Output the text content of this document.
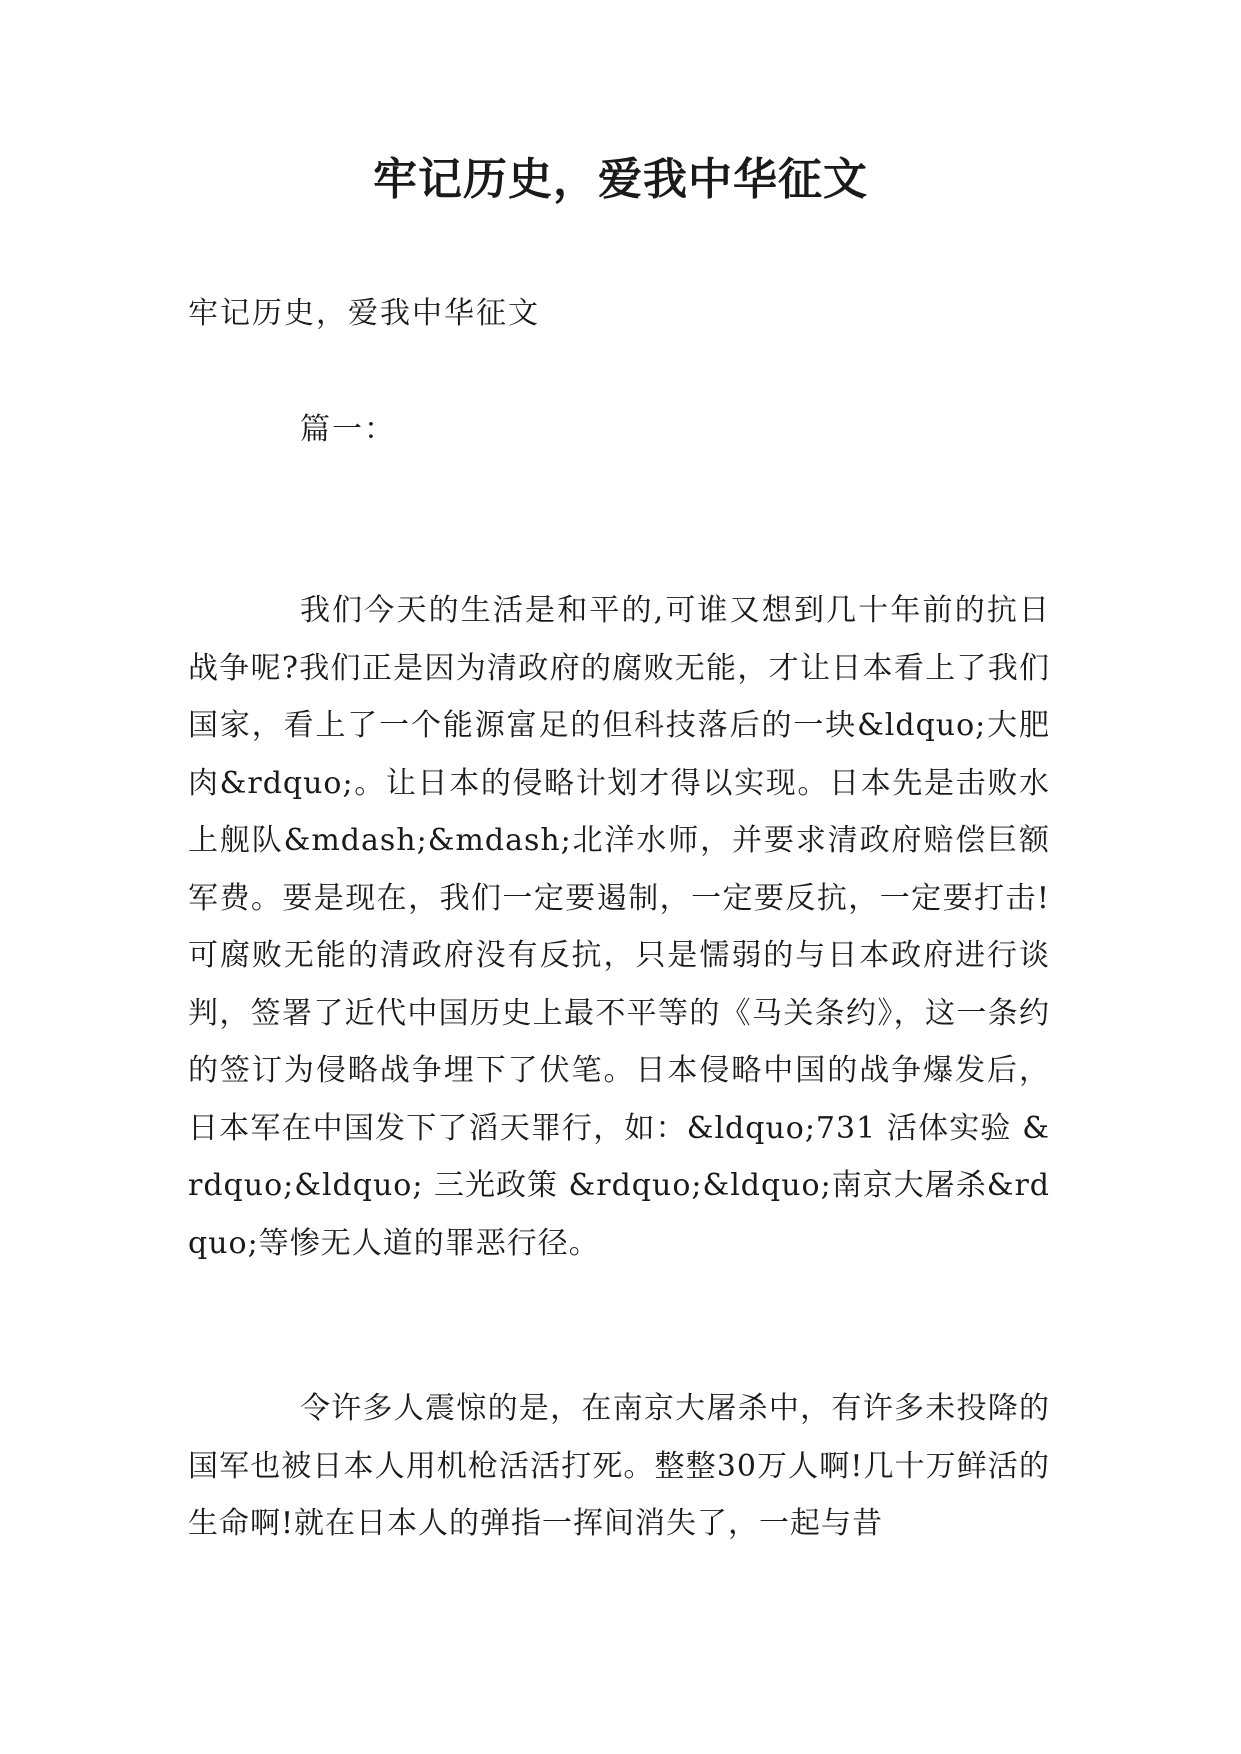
牢记历史，爱我中华征文
牢记历史，爱我中华征文
篇一：

我们今天的生活是和平的,可谁又想到几十年前的抗日战争呢?我们正是因为清政府的腐败无能，才让日本看上了我们国家，看上了一个能源富足的但科技落后的一块&ldquo;大肥肉&rdquo;。让日本的侵略计划才得以实现。日本先是击败水上舰队&mdash;&mdash;北洋水师，并要求清政府赔偿巨额军费。要是现在，我们一定要遏制，一定要反抗，一定要打击!可腐败无能的清政府没有反抗，只是懦弱的与日本政府进行谈判，签署了近代中国历史上最不平等的《马关条约》，这一条约的签订为侵略战争埋下了伏笔。日本侵略中国的战争爆发后，日本军在中国发下了滔天罪行，如：&ldquo;731 活体实验 &rdquo;&ldquo; 三光政策 &rdquo;&ldquo;南京大屠杀&rdquo;等惨无人道的罪恶行径。

令许多人震惊的是，在南京大屠杀中，有许多未投降的国军也被日本人用机枪活活打死。整整30万人啊!几十万鲜活的生命啊!就在日本人的弹指一挥间消失了，一起与昔
